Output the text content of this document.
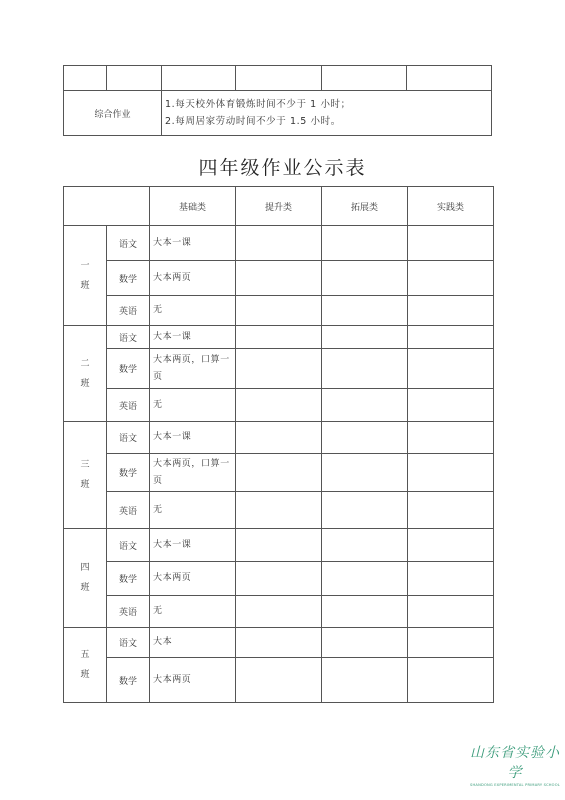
综合作业		1.每天校外体育锻炼时间不少于 1 小时；
2.每周居家劳动时间不少于 1.5 小时。			
四年级作业公示表
		基础类	提升类	拓展类	实践类
一
班	语文	大本一课			
	数学	大本两页			
	英语	无			
二
班	语文	大本一课			
	数学	大本两页，口算一页			
	英语	无			
三
班	语文	大本一课			
	数学	大本两页，口算一页			
	英语	无			
四
班	语文	大本一课			
	数学	大本两页			
	英语	无			
五
班	语文	大本			
	数学	大本两页			
山东省实验小学
SHANDONG EXPERIMENTAL PRIMARY SCHOOL
